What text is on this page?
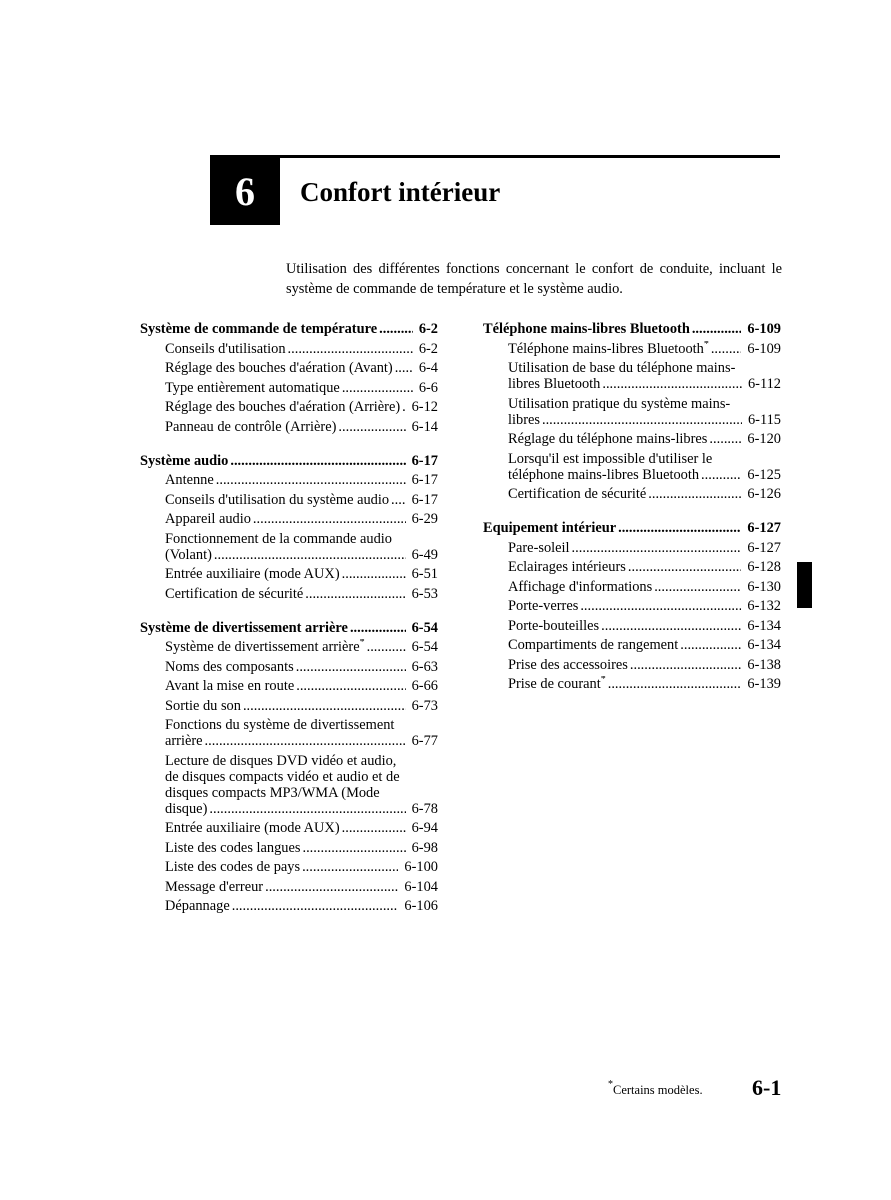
6	Confort intérieur
Utilisation des différentes fonctions concernant le confort de conduite, incluant le système de commande de température et le système audio.
Système de commande de température .....	6-2
Conseils d'utilisation .....	6-2
Réglage des bouches d'aération (Avant) .....	6-4
Type entièrement automatique .....	6-6
Réglage des bouches d'aération (Arrière) ..... 6-12
Panneau de contrôle (Arrière) .....	6-14
Système audio .....	6-17
Antenne .....	6-17
Conseils d'utilisation du système audio .....	6-17
Appareil audio .....	6-29
Fonctionnement de la commande audio (Volant) .....	6-49
Entrée auxiliaire (mode AUX) .....	6-51
Certification de sécurité .....	6-53
Système de divertissement arrière .....	6-54
Système de divertissement arrière* .....	6-54
Noms des composants .....	6-63
Avant la mise en route .....	6-66
Sortie du son .....	6-73
Fonctions du système de divertissement arrière .....	6-77
Lecture de disques DVD vidéo et audio, de disques compacts vidéo et audio et de disques compacts MP3/WMA (Mode disque) .....	6-78
Entrée auxiliaire (mode AUX) .....	6-94
Liste des codes langues .....	6-98
Liste des codes de pays .....	6-100
Message d'erreur .....	6-104
Dépannage .....	6-106
Téléphone mains-libres Bluetooth .....	6-109
Téléphone mains-libres Bluetooth* .....	6-109
Utilisation de base du téléphone mains-libres Bluetooth .....	6-112
Utilisation pratique du système mains-libres .....	6-115
Réglage du téléphone mains-libres .....	6-120
Lorsqu'il est impossible d'utiliser le téléphone mains-libres Bluetooth .....	6-125
Certification de sécurité .....	6-126
Equipement intérieur .....	6-127
Pare-soleil .....	6-127
Eclairages intérieurs .....	6-128
Affichage d'informations .....	6-130
Porte-verres .....	6-132
Porte-bouteilles .....	6-134
Compartiments de rangement .....	6-134
Prise des accessoires .....	6-138
Prise de courant* .....	6-139
*Certains modèles. 6-1
